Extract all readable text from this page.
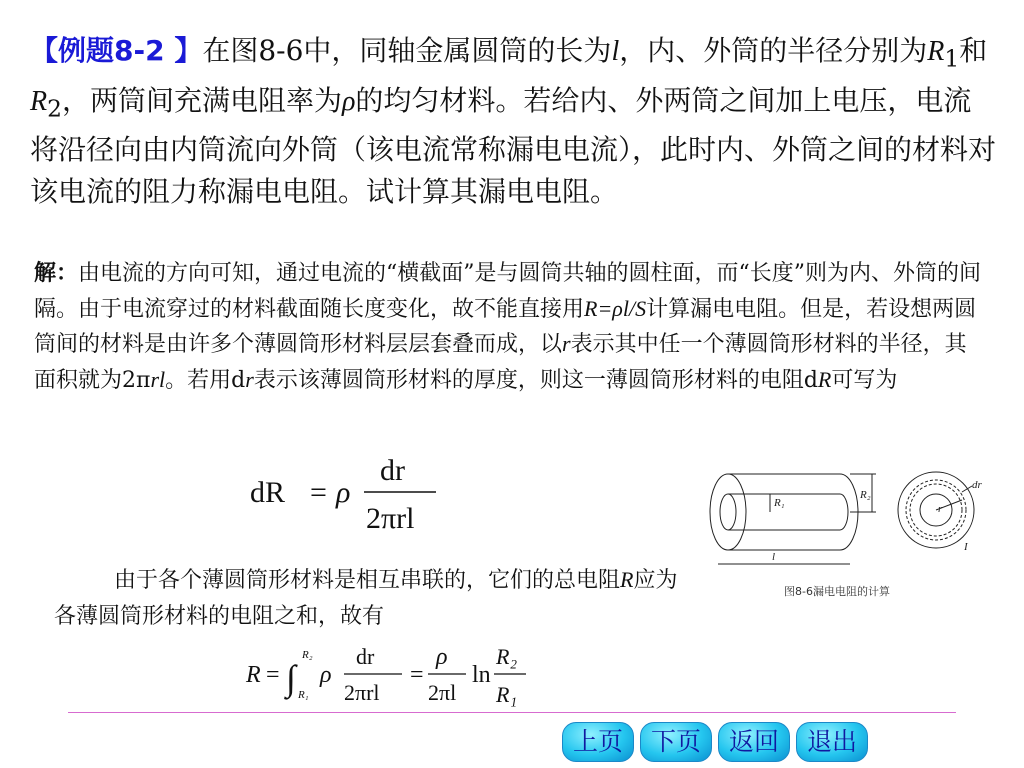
【例题8-2 】在图8-6中，同轴金属圆筒的长为l，内、外筒的半径分别为$R_1$和$R_2$，两筒间充满电阻率为ρ的均匀材料。若给内、外两筒之间加上电压，电流将沿径向由内筒流向外筒（该电流常称漏电电流），此时内、外筒之间的材料对该电流的阻力称漏电电阻。试计算其漏电电阻。
解：由电流的方向可知，通过电流的“横截面”是与圆筒共轴的圆柱面，而“长度”则为内、外筒的间隔。由于电流穿过的材料截面随长度变化，故不能直接用R=ρl/S计算漏电电阻。但是，若设想两圆筒间的材料是由许多个薄圆筒形材料层层套叠而成，以r表示其中任一个薄圆筒形材料的半径，其面积就为2πrl。若用dr表示该薄圆筒形材料的厚度，则这一薄圆筒形材料的电阻dR可写为
dR = ρ
dr
2πrl
由于各个薄圆筒形材料是相互串联的，它们的总电阻R应为各薄圆筒形材料的电阻之和，故有
R = ∫
R₂
R₁
ρ
dr
2πrl
=
ρ
2πl
ln
R₂
R₁
R₁
R₂
l
dr
r
I
图8-6漏电电阻的计算
上页	下页	返回	退出
